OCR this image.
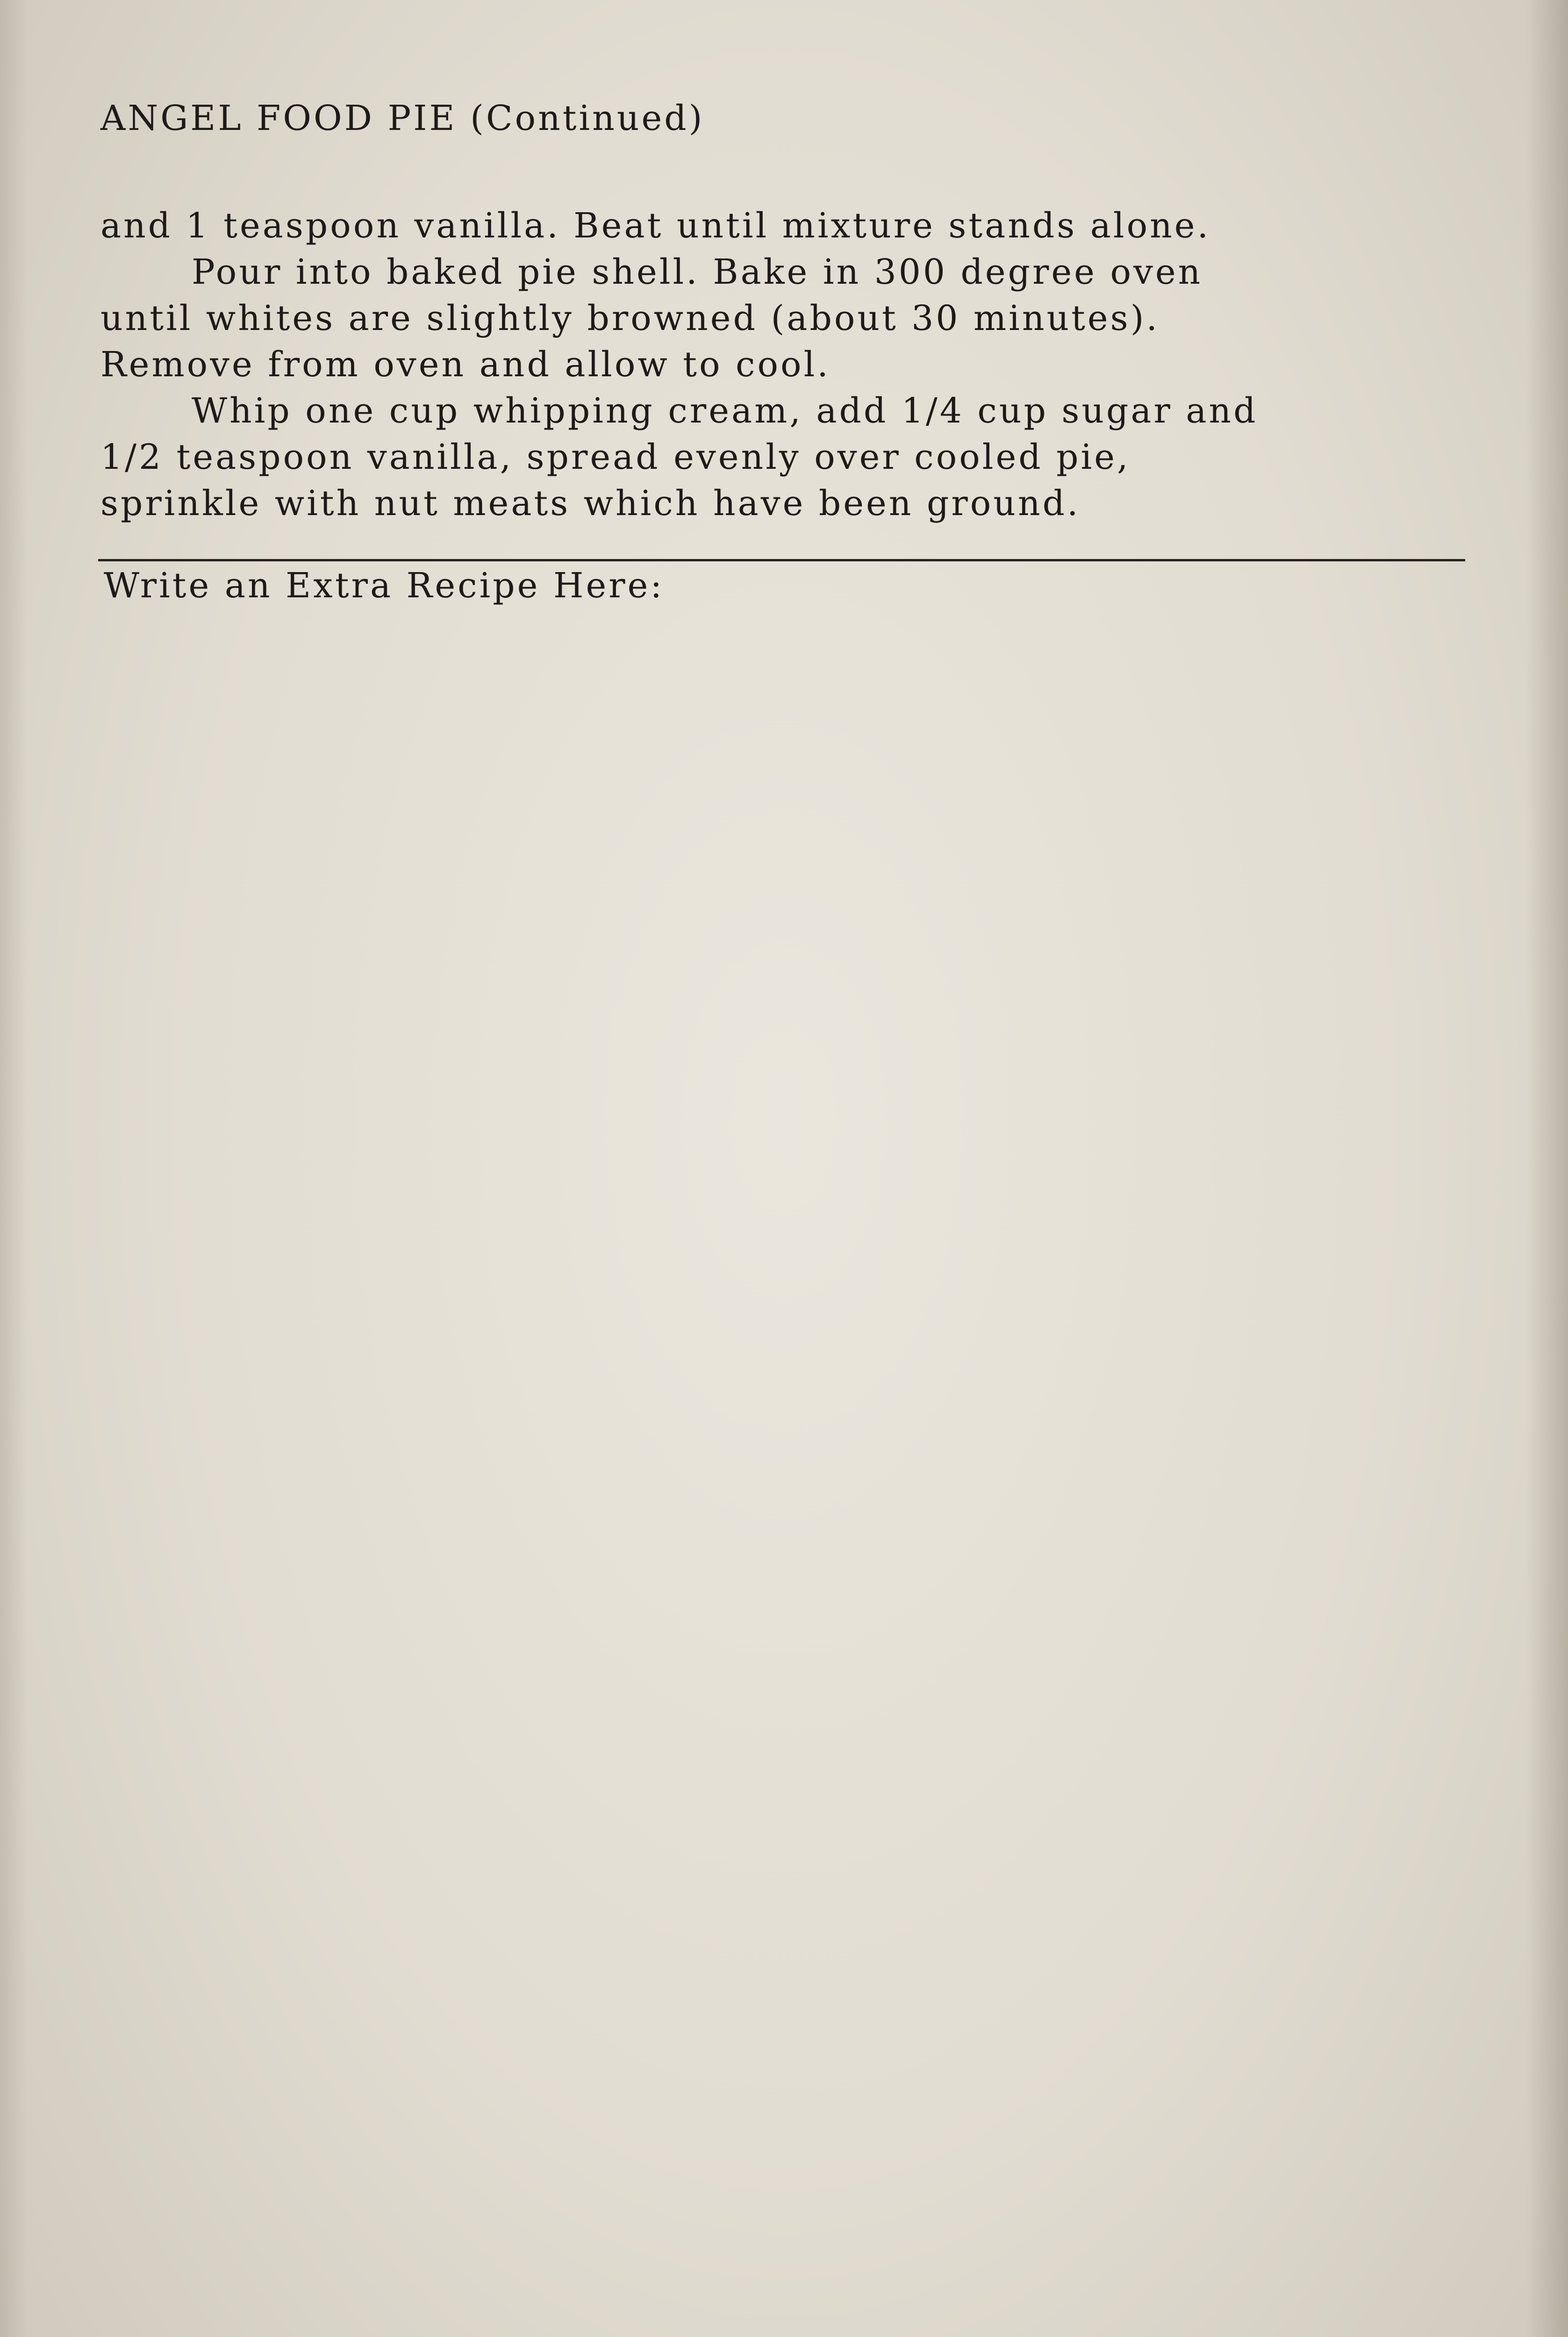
ANGEL FOOD PIE (Continued)

and 1 teaspoon vanilla. Beat until mixture stands alone.

Pour into baked pie shell. Bake in 300 degree oven

until whites are slightly browned (about 30 minutes).

Remove from oven and allow to cool.

Whip one cup whipping cream, add 1/4 cup sugar and

1/2 teaspoon vanilla, spread evenly over cooled pie,

sprinkle with nut meats which have been ground.

Write an Extra Recipe Here:
